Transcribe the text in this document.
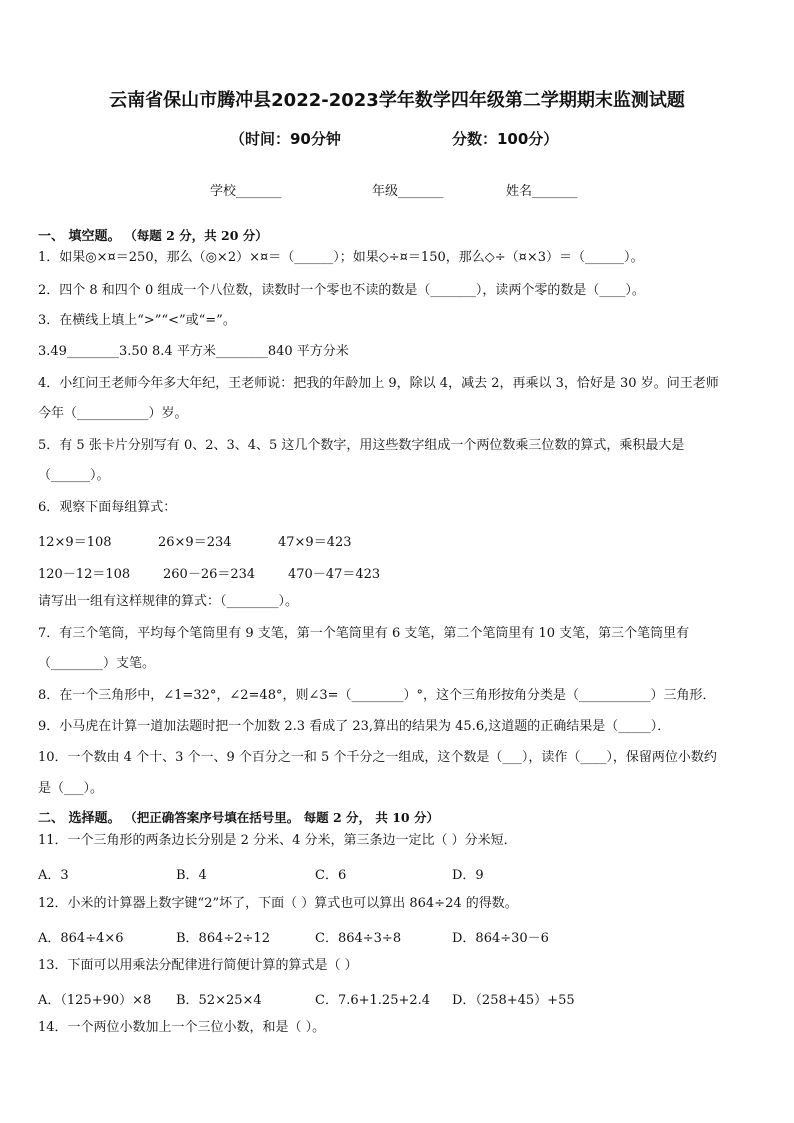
云南省保山市腾冲县2022-2023学年数学四年级第二学期期末监测试题
（时间：90分钟	分数：100分）
学校_______	年级_______	姓名_______
一、 填空题。 （每题 2 分，共 20 分）
1．如果◎×¤＝250，那么（◎×2）×¤＝（______）；如果◇÷¤＝150，那么◇÷（¤×3）＝（______）。
2．四个 8 和四个 0 组成一个八位数，读数时一个零也不读的数是（_______），读两个零的数是（____）。
3．在横线上填上“>”“<”或“=”。
3.49________3.50 8.4 平方米________840 平方分米
4．小红问王老师今年多大年纪，王老师说：把我的年龄加上 9，除以 4，减去 2，再乘以 3，恰好是 30 岁。问王老师
今年（___________）岁。
5．有 5 张卡片分别写有 0、2、3、4、5 这几个数字，用这些数字组成一个两位数乘三位数的算式，乘积最大是
（______）。
6．观察下面每组算式：
12×9＝108	26×9＝234	47×9＝423
120－12＝108	260－26＝234	470－47＝423
请写出一组有这样规律的算式：（________）。
7．有三个笔筒，平均每个笔筒里有 9 支笔，第一个笔筒里有 6 支笔，第二个笔筒里有 10 支笔，第三个笔筒里有
（________）支笔。
8．在一个三角形中，∠1=32°，∠2=48°，则∠3=（________）°，这个三角形按角分类是（___________）三角形．
9．小马虎在计算一道加法题时把一个加数 2.3 看成了 23,算出的结果为 45.6,这道题的正确结果是（_____）．
10．一个数由 4 个十、3 个一、9 个百分之一和 5 个千分之一组成，这个数是（___），读作（____），保留两位小数约
是（___）。
二、 选择题。 （把正确答案序号填在括号里。 每题 2 分， 共 10 分）
11．一个三角形的两条边长分别是 2 分米、4 分米，第三条边一定比（ ）分米短．
A．3	B．4	C．6	D．9
12．小米的计算器上数字键“2”坏了，下面（ ）算式也可以算出 864÷24 的得数。
A．864÷4×6	B．864÷2÷12	C．864÷3÷8	D．864÷30－6
13．下面可以用乘法分配律进行简便计算的算式是（ ）
A．（125+90）×8 B．52×25×4	C．7.6+1.25+2.4 D．（258+45）+55
14．一个两位小数加上一个三位小数，和是（ ）。
